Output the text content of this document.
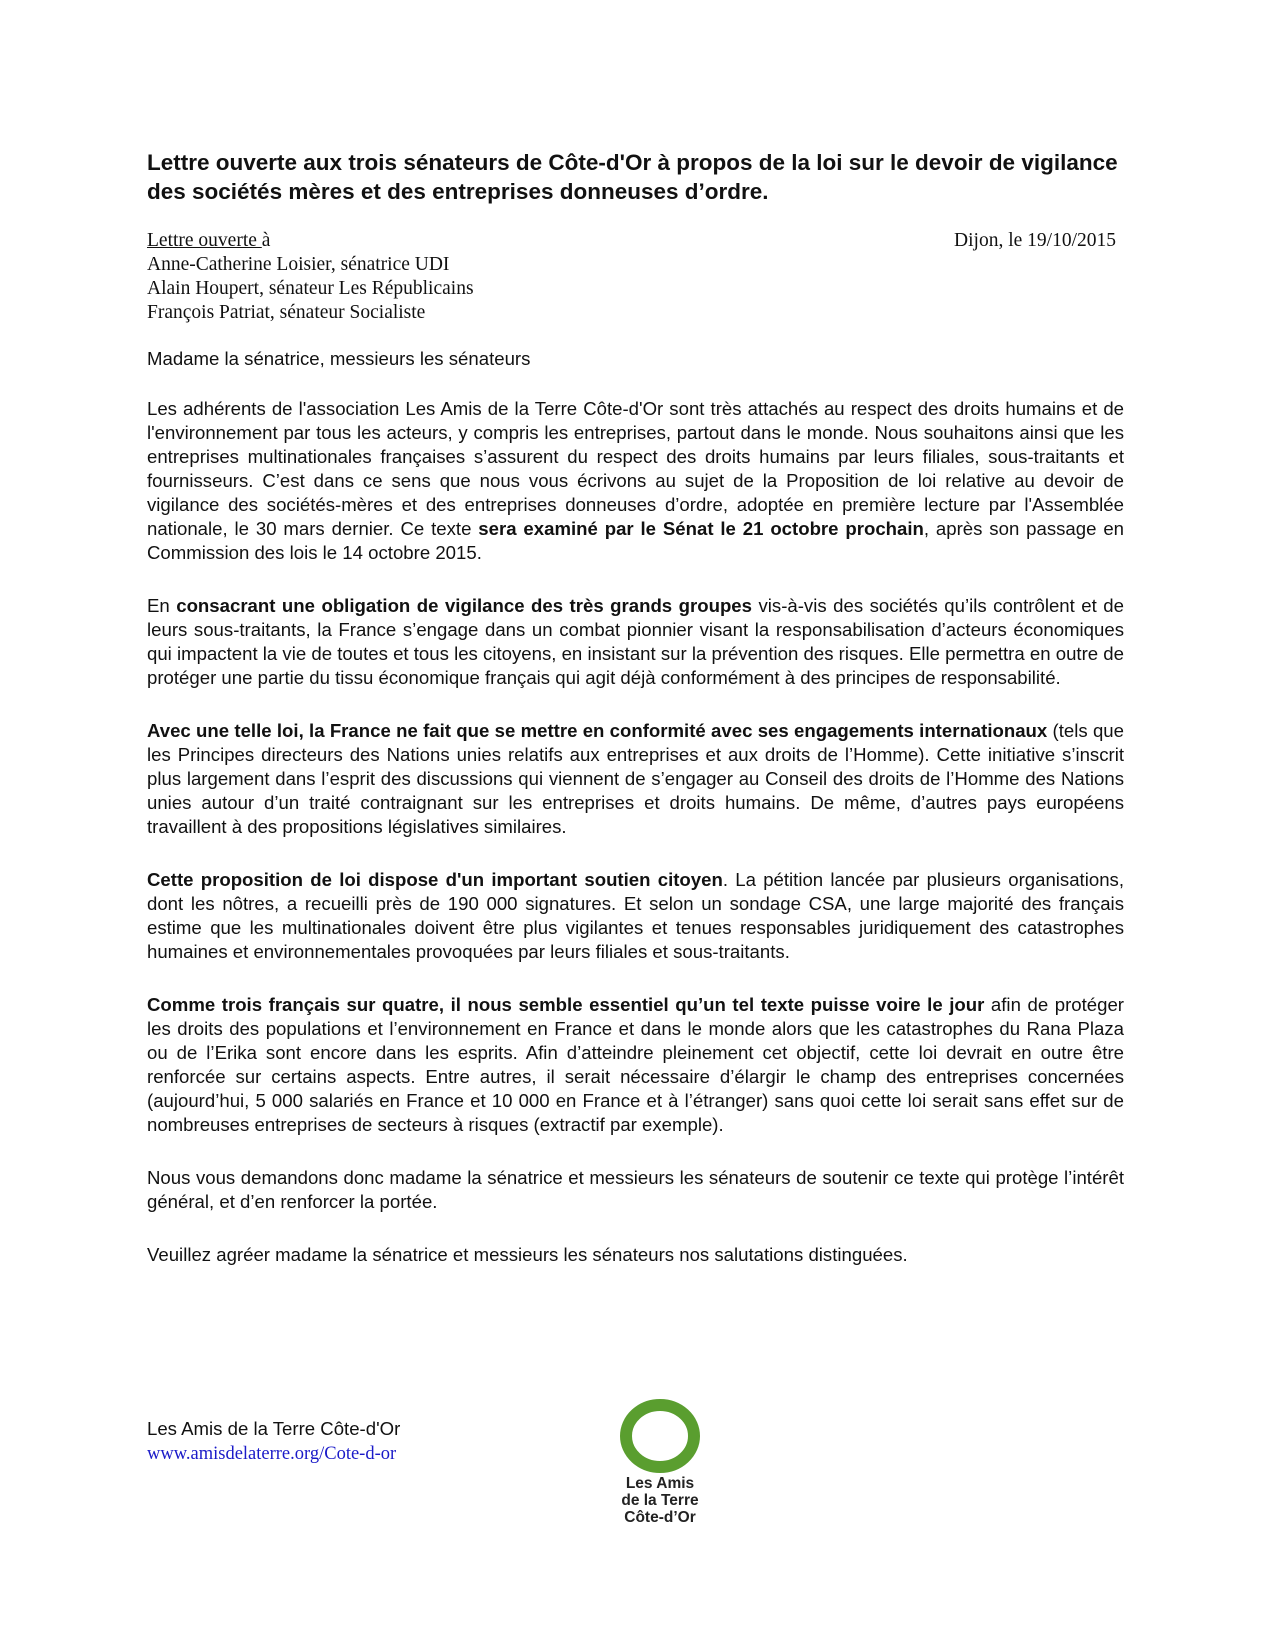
Lettre ouverte aux trois sénateurs de Côte-d'Or à propos de la loi sur le devoir de vigilance des sociétés mères et des entreprises donneuses d’ordre.
Lettre ouverte à
Anne-Catherine Loisier, sénatrice UDI
Alain Houpert, sénateur Les Républicains
François Patriat, sénateur Socialiste
Dijon, le 19/10/2015

Madame la sénatrice, messieurs les sénateurs

Les adhérents de l'association Les Amis de la Terre Côte-d'Or sont très attachés au respect des droits humains et de l'environnement par tous les acteurs, y compris les entreprises, partout dans le monde. Nous souhaitons ainsi que les entreprises multinationales françaises s’assurent du respect des droits humains par leurs filiales, sous-traitants et fournisseurs. C’est dans ce sens que nous vous écrivons au sujet de la Proposition de loi relative au devoir de vigilance des sociétés-mères et des entreprises donneuses d’ordre, adoptée en première lecture par l'Assemblée nationale, le 30 mars dernier. Ce texte sera examiné par le Sénat le 21 octobre prochain, après son passage en Commission des lois le 14 octobre 2015.

En consacrant une obligation de vigilance des très grands groupes vis-à-vis des sociétés qu’ils contrôlent et de leurs sous-traitants, la France s’engage dans un combat pionnier visant la responsabilisation d’acteurs économiques qui impactent la vie de toutes et tous les citoyens, en insistant sur la prévention des risques. Elle permettra en outre de protéger une partie du tissu économique français qui agit déjà conformément à des principes de responsabilité.

Avec une telle loi, la France ne fait que se mettre en conformité avec ses engagements internationaux (tels que les Principes directeurs des Nations unies relatifs aux entreprises et aux droits de l’Homme). Cette initiative s’inscrit plus largement dans l’esprit des discussions qui viennent de s’engager au Conseil des droits de l’Homme des Nations unies autour d’un traité contraignant sur les entreprises et droits humains. De même, d’autres pays européens travaillent à des propositions législatives similaires.

Cette proposition de loi dispose d'un important soutien citoyen. La pétition lancée par plusieurs organisations, dont les nôtres, a recueilli près de 190 000 signatures. Et selon un sondage CSA, une large majorité des français estime que les multinationales doivent être plus vigilantes et tenues responsables juridiquement des catastrophes humaines et environnementales provoquées par leurs filiales et sous-traitants.

Comme trois français sur quatre, il nous semble essentiel qu’un tel texte puisse voire le jour afin de protéger les droits des populations et l’environnement en France et dans le monde alors que les catastrophes du Rana Plaza ou de l’Erika sont encore dans les esprits. Afin d’atteindre pleinement cet objectif, cette loi devrait en outre être renforcée sur certains aspects. Entre autres, il serait nécessaire d’élargir le champ des entreprises concernées (aujourd’hui, 5 000 salariés en France et 10 000 en France et à l’étranger) sans quoi cette loi serait sans effet sur de nombreuses entreprises de secteurs à risques (extractif par exemple).

Nous vous demandons donc madame la sénatrice et messieurs les sénateurs de soutenir ce texte qui protège l’intérêt général, et d’en renforcer la portée.

Veuillez agréer madame la sénatrice et messieurs les sénateurs nos salutations distinguées.

Les Amis de la Terre Côte-d'Or
www.amisdelaterre.org/Cote-d-or
Les Amis
de la Terre
Côte-d’Or
